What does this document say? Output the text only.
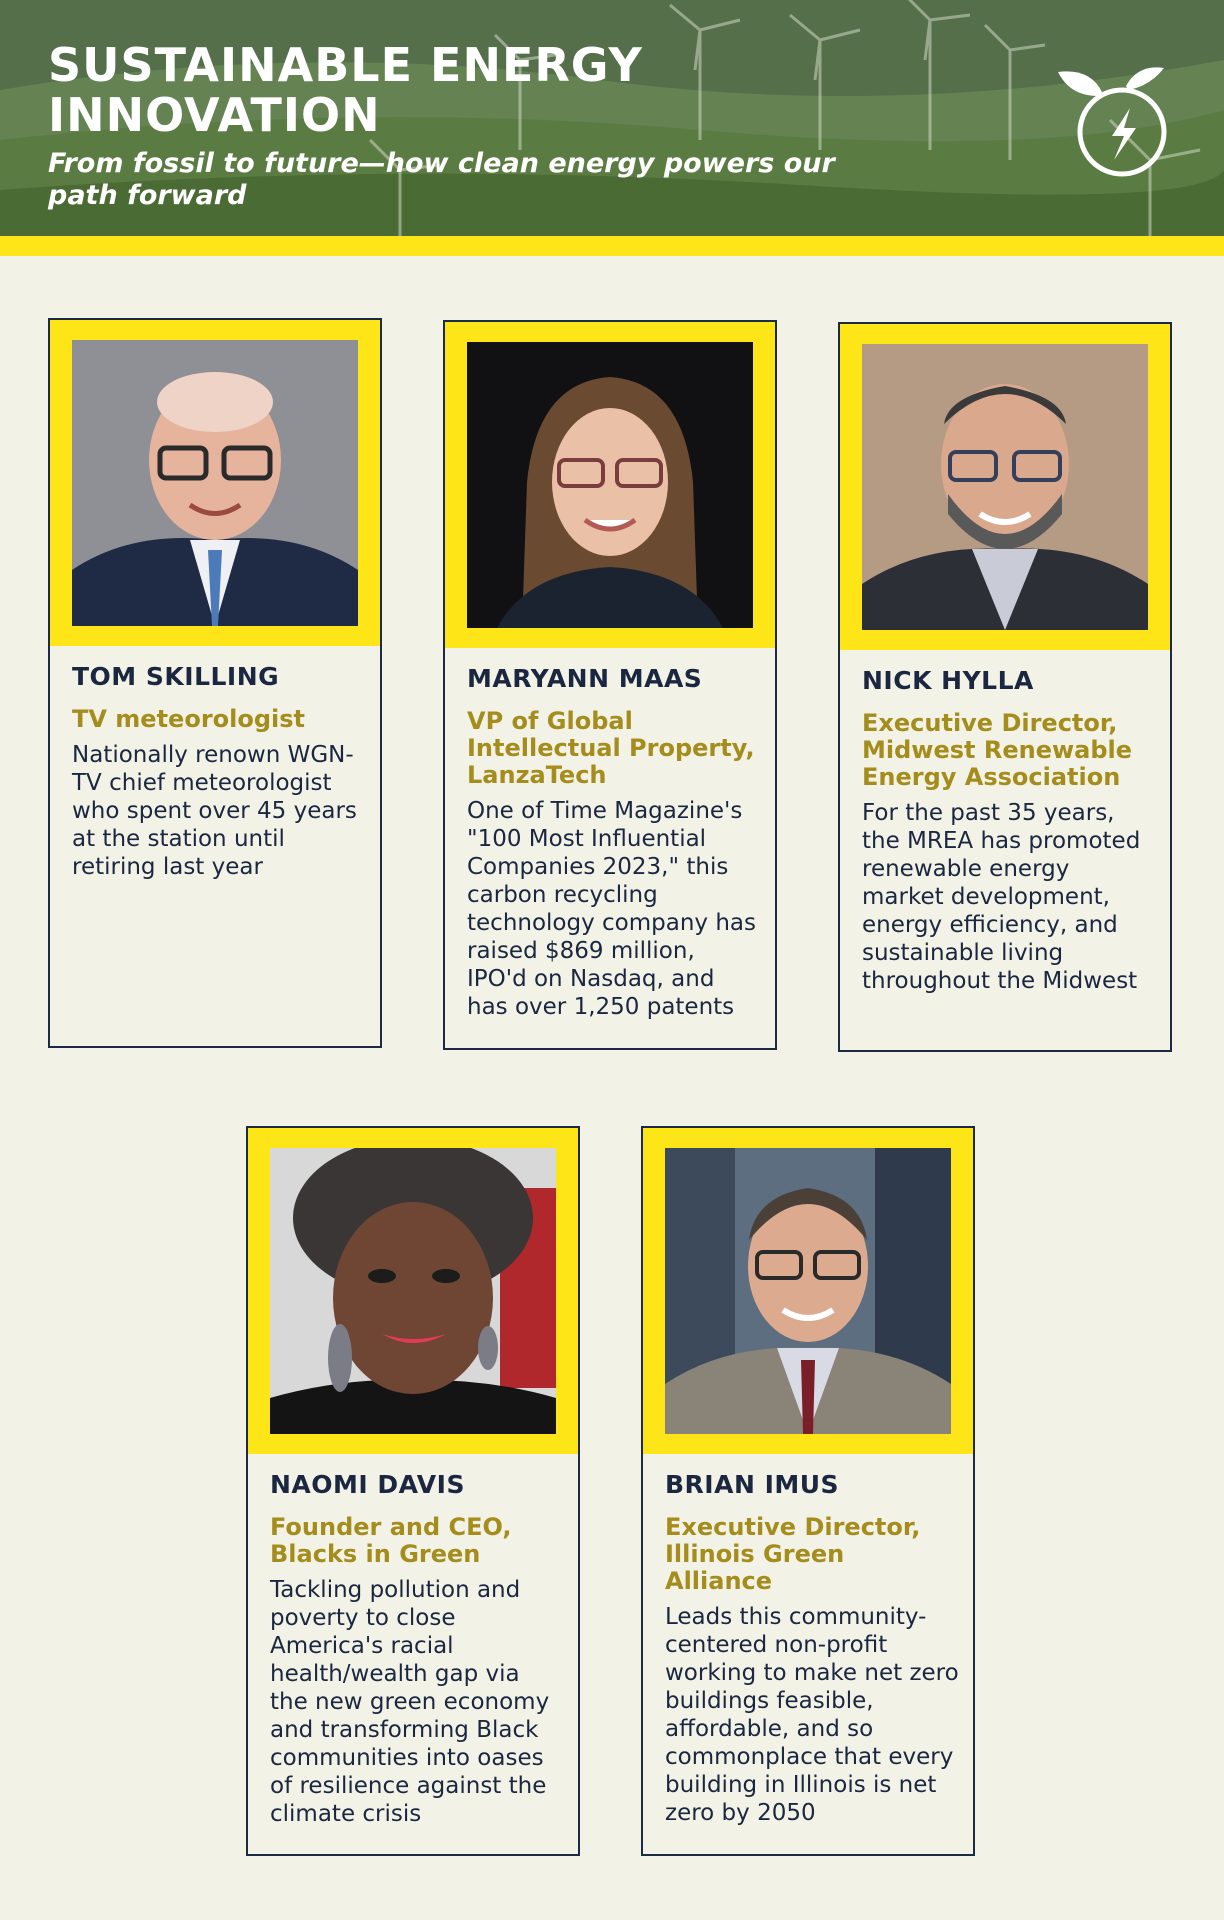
SUSTAINABLE ENERGY INNOVATION

From fossil to future—how clean energy powers our path forward

TOM SKILLING

TV meteorologist

Nationally renown WGN-TV chief meteorologist who spent over 45 years at the station until retiring last year

MARYANN MAAS

VP of Global Intellectual Property, LanzaTech

One of Time Magazine's "100 Most Influential Companies 2023," this carbon recycling technology company has raised $869 million, IPO'd on Nasdaq, and has over 1,250 patents

NICK HYLLA

Executive Director, Midwest Renewable Energy Association

For the past 35 years, the MREA has promoted renewable energy market development, energy efficiency, and sustainable living throughout the Midwest

NAOMI DAVIS

Founder and CEO, Blacks in Green

Tackling pollution and poverty to close America's racial health/wealth gap via the new green economy and transforming Black communities into oases of resilience against the climate crisis

BRIAN IMUS

Executive Director, Illinois Green Alliance

Leads this community-centered non-profit working to make net zero buildings feasible, affordable, and so commonplace that every building in Illinois is net zero by 2050
